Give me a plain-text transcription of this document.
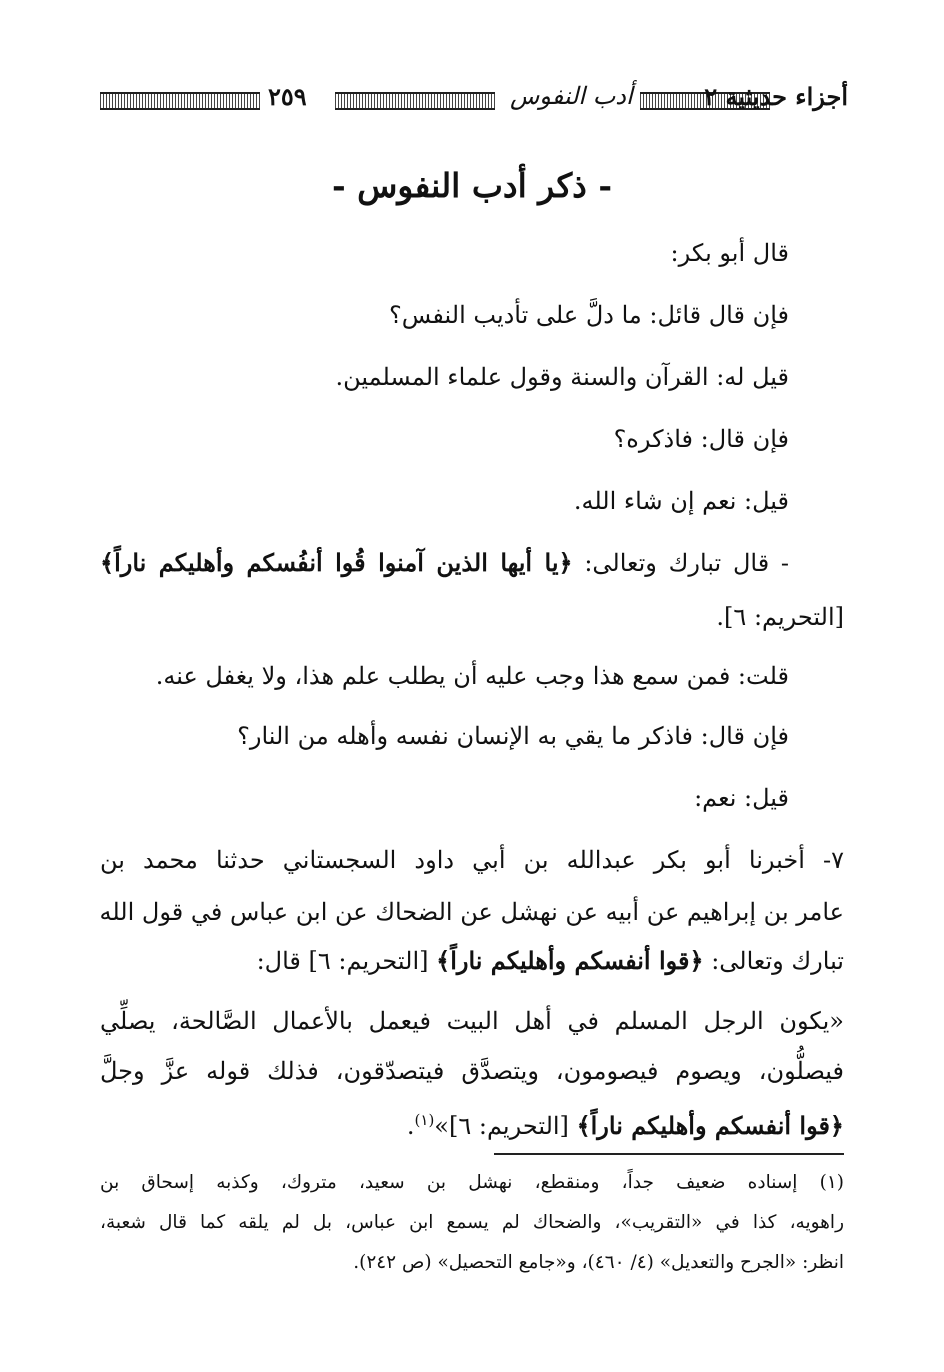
٢٥٩	أدب النفوس	أجزاء حديثية ٢
- ذكر أدب النفوس -
قال أبو بكر:
فإن قال قائل: ما دلَّ على تأديب النفس؟
قيل له: القرآن والسنة وقول علماء المسلمين.
فإن قال: فاذكره؟
قيل: نعم إن شاء الله.
- قال تبارك وتعالى: ﴿يا أيها الذين آمنوا قُوا أنفُسكم وأهليكم ناراً﴾
[التحريم: ٦].
قلت: فمن سمع هذا وجب عليه أن يطلب علم هذا، ولا يغفل عنه.
فإن قال: فاذكر ما يقي به الإنسان نفسه وأهله من النار؟
قيل: نعم:
٧- أخبرنا أبو بكر عبدالله بن أبي داود السجستاني حدثنا محمد بن
عامر بن إبراهيم عن أبيه عن نهشل عن الضحاك عن ابن عباس في قول الله
تبارك وتعالى: ﴿قوا أنفسكم وأهليكم ناراً﴾ [التحريم: ٦] قال:
«يكون الرجل المسلم في أهل البيت فيعمل بالأعمال الصَّالحة، يصلِّي
فيصلُّون، ويصوم فيصومون، ويتصدَّق فيتصدّقون، فذلك قوله عزَّ وجلَّ
﴿قوا أنفسكم وأهليكم ناراً﴾ [التحريم: ٦]»$^{(١)}$.
(١) إسناده ضعيف جداً، ومنقطع، نهشل بن سعيد، متروك، وكذبه إسحاق بن
راهويه، كذا في «التقريب»، والضحاك لم يسمع ابن عباس، بل لم يلقه كما قال شعبة،
انظر: «الجرح والتعديل» (٤/ ٤٦٠)، و«جامع التحصيل» (ص ٢٤٢).
